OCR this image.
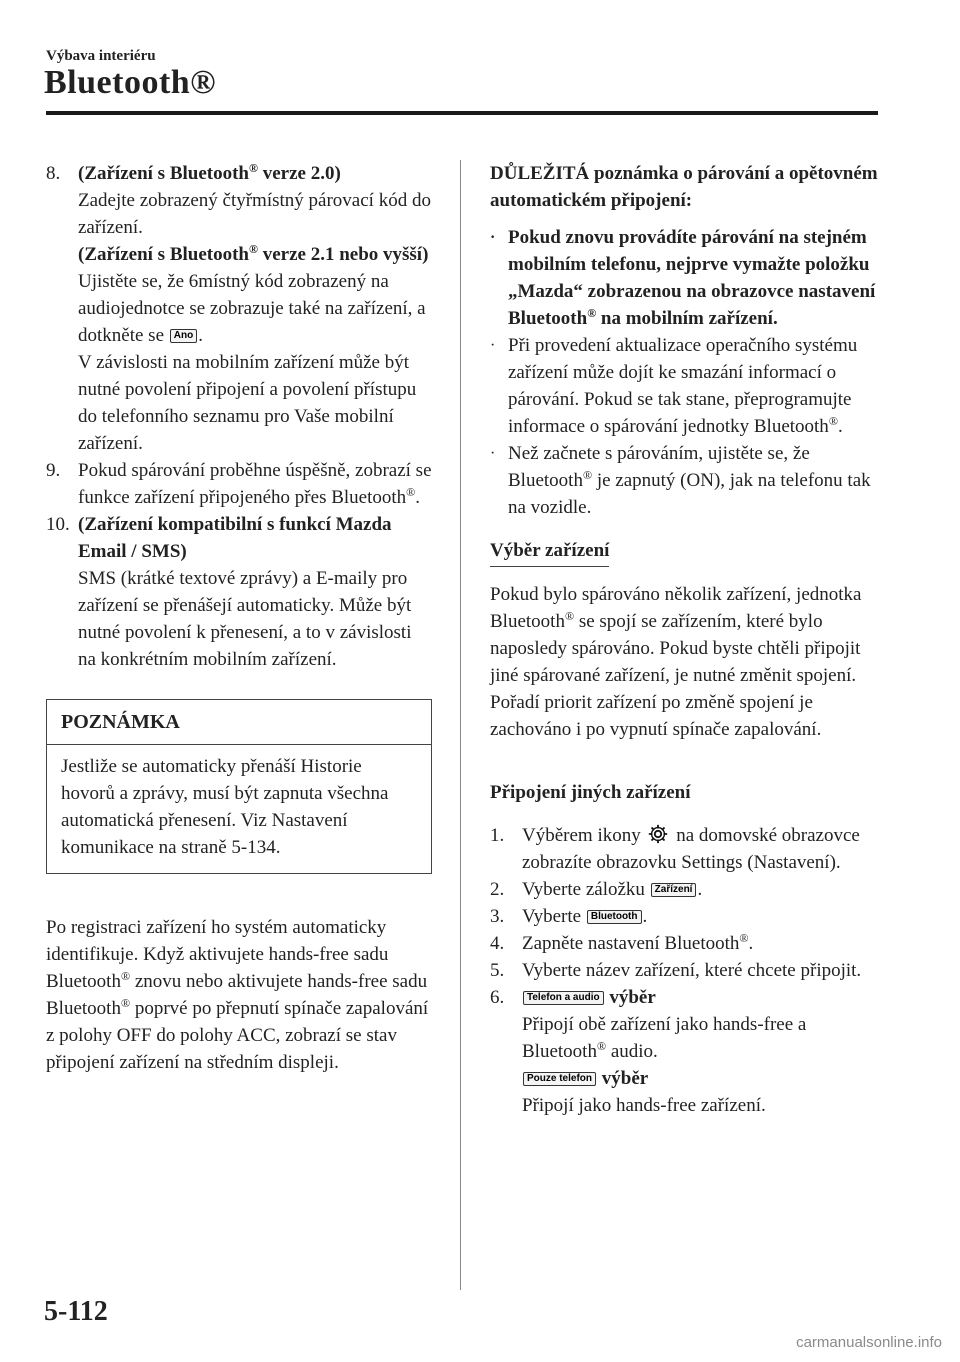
Výbava interiéru
Bluetooth®
8. (Zařízení s Bluetooth® verze 2.0)
Zadejte zobrazený čtyřmístný párovací kód do zařízení.
(Zařízení s Bluetooth® verze 2.1 nebo vyšší)
Ujistěte se, že 6místný kód zobrazený na audiojednotce se zobrazuje také na zařízení, a dotkněte se Ano .
V závislosti na mobilním zařízení může být nutné povolení připojení a povolení přístupu do telefonního seznamu pro Vaše mobilní zařízení.
9. Pokud spárování proběhne úspěšně, zobrazí se funkce zařízení připojeného přes Bluetooth®.
10. (Zařízení kompatibilní s funkcí Mazda Email / SMS)
SMS (krátké textové zprávy) a E-maily pro zařízení se přenášejí automaticky. Může být nutné povolení k přenesení, a to v závislosti na konkrétním mobilním zařízení.
POZNÁMKA
Jestliže se automaticky přenáší Historie hovorů a zprávy, musí být zapnuta všechna automatická přenesení. Viz Nastavení komunikace na straně 5-134.
Po registraci zařízení ho systém automaticky identifikuje. Když aktivujete hands-free sadu Bluetooth® znovu nebo aktivujete hands-free sadu Bluetooth® poprvé po přepnutí spínače zapalování z polohy OFF do polohy ACC, zobrazí se stav připojení zařízení na středním displeji.
DŮLEŽITÁ poznámka o párování a opětovném automatickém připojení:
· Pokud znovu provádíte párování na stejném mobilním telefonu, nejprve vymažte položku „Mazda“ zobrazenou na obrazovce nastavení Bluetooth® na mobilním zařízení.
· Při provedení aktualizace operačního systému zařízení může dojít ke smazání informací o párování. Pokud se tak stane, přeprogramujte informace o spárování jednotky Bluetooth®.
· Než začnete s párováním, ujistěte se, že Bluetooth® je zapnutý (ON), jak na telefonu tak na vozidle.
Výběr zařízení
Pokud bylo spárováno několik zařízení, jednotka Bluetooth® se spojí se zařízením, které bylo naposledy spárováno. Pokud byste chtěli připojit jiné spárované zařízení, je nutné změnit spojení. Pořadí priorit zařízení po změně spojení je zachováno i po vypnutí spínače zapalování.
Připojení jiných zařízení
1. Výběrem ikony  na domovské obrazovce zobrazíte obrazovku Settings (Nastavení).
2. Vyberte záložku Zařízení .
3. Vyberte Bluetooth .
4. Zapněte nastavení Bluetooth®.
5. Vyberte název zařízení, které chcete připojit.
6.	Telefon a audio výběr
Připojí obě zařízení jako hands-free a Bluetooth® audio.
Pouze telefon výběr
Připojí jako hands-free zařízení.
5-112
carmanualsonline.info
